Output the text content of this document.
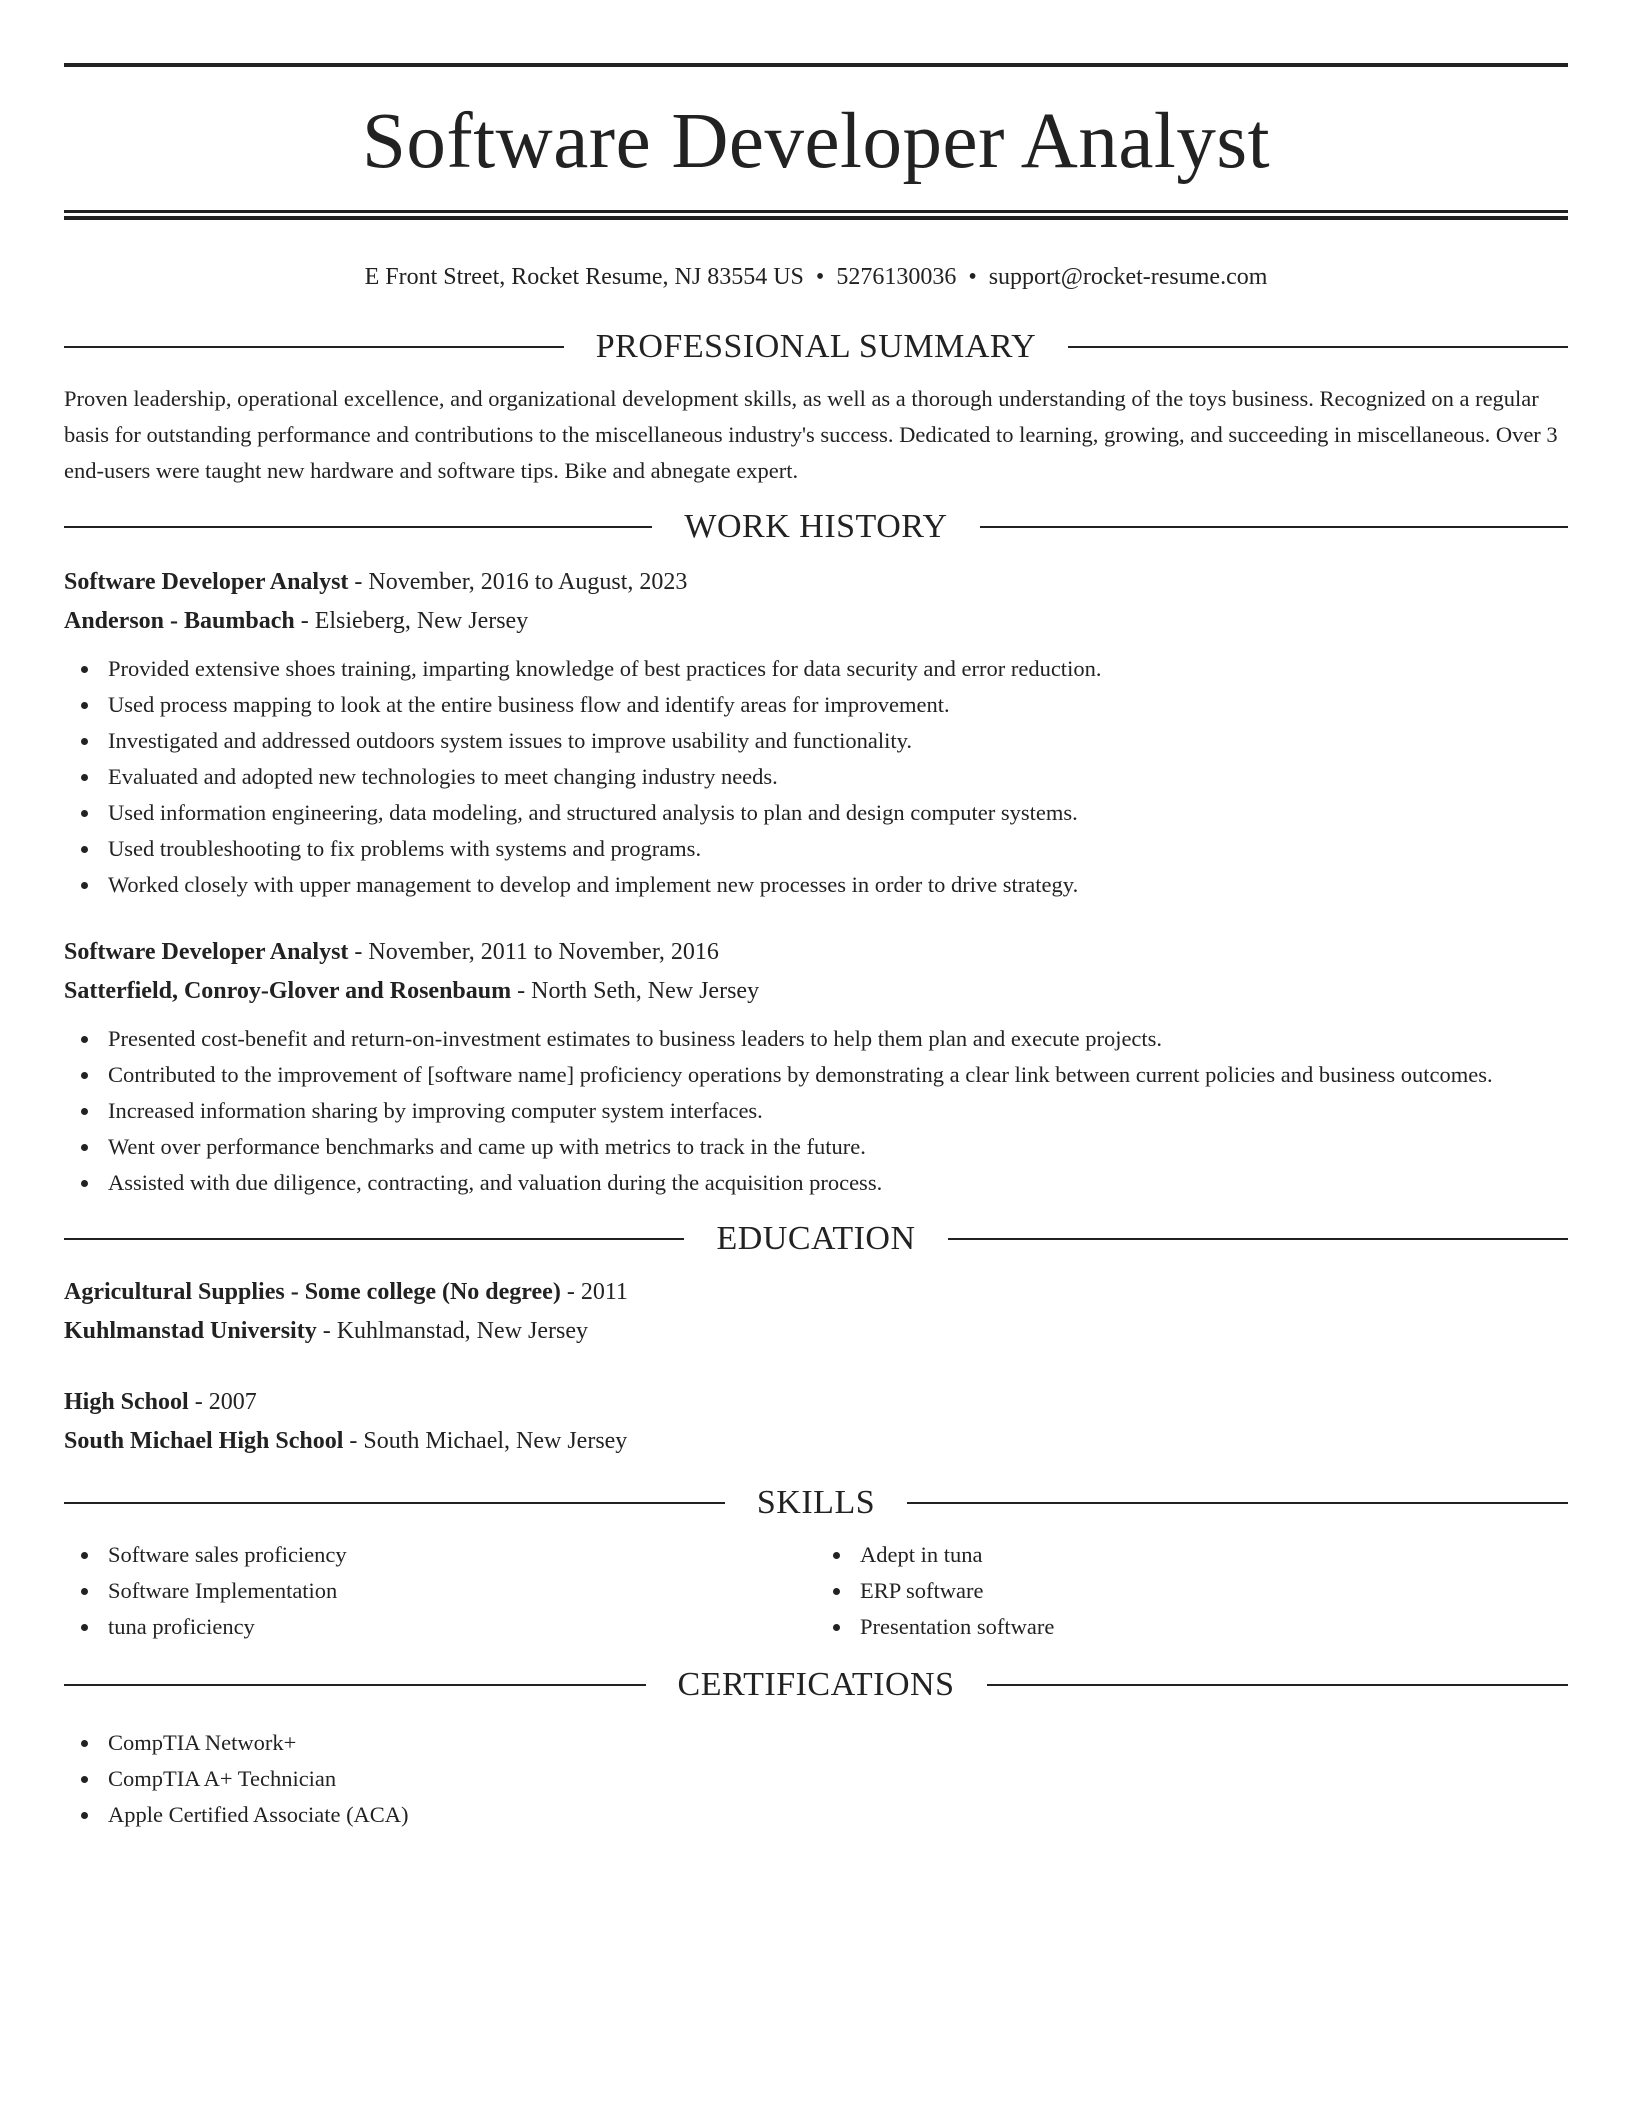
Software Developer Analyst
E Front Street, Rocket Resume, NJ 83554 US • 5276130036 • support@rocket-resume.com
PROFESSIONAL SUMMARY

Proven leadership, operational excellence, and organizational development skills, as well as a thorough understanding of the toys business. Recognized on a regular basis for outstanding performance and contributions to the miscellaneous industry's success. Dedicated to learning, growing, and succeeding in miscellaneous. Over 3 end-users were taught new hardware and software tips. Bike and abnegate expert.

WORK HISTORY
Software Developer Analyst - November, 2016 to August, 2023
Anderson - Baumbach - Elsieberg, New Jersey
Provided extensive shoes training, imparting knowledge of best practices for data security and error reduction.
Used process mapping to look at the entire business flow and identify areas for improvement.
Investigated and addressed outdoors system issues to improve usability and functionality.
Evaluated and adopted new technologies to meet changing industry needs.
Used information engineering, data modeling, and structured analysis to plan and design computer systems.
Used troubleshooting to fix problems with systems and programs.
Worked closely with upper management to develop and implement new processes in order to drive strategy.
Software Developer Analyst - November, 2011 to November, 2016
Satterfield, Conroy-Glover and Rosenbaum - North Seth, New Jersey
Presented cost-benefit and return-on-investment estimates to business leaders to help them plan and execute projects.
Contributed to the improvement of [software name] proficiency operations by demonstrating a clear link between current policies and business outcomes.
Increased information sharing by improving computer system interfaces.
Went over performance benchmarks and came up with metrics to track in the future.
Assisted with due diligence, contracting, and valuation during the acquisition process.
EDUCATION
Agricultural Supplies - Some college (No degree) - 2011
Kuhlmanstad University - Kuhlmanstad, New Jersey
High School - 2007
South Michael High School - South Michael, New Jersey
SKILLS
Software sales proficiency
Software Implementation
tuna proficiency
Adept in tuna
ERP software
Presentation software
CERTIFICATIONS
CompTIA Network+
CompTIA A+ Technician
Apple Certified Associate (ACA)
